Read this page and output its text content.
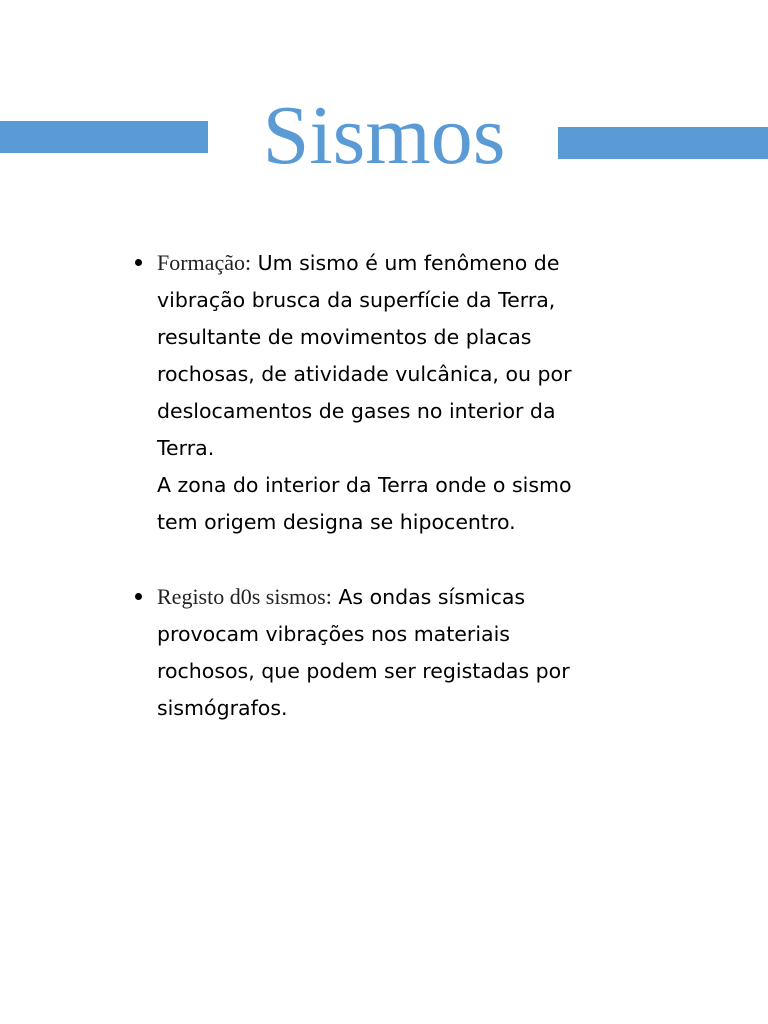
Sismos
Formação: Um sismo é um fenômeno de
vibração brusca da superfície da Terra,
resultante de movimentos de placas
rochosas, de atividade vulcânica, ou por
deslocamentos de gases no interior da
Terra.
A zona do interior da Terra onde o sismo
tem origem designa se hipocentro.
Registo d0s sismos: As ondas sísmicas
provocam vibrações nos materiais
rochosos, que podem ser registadas por
sismógrafos.
